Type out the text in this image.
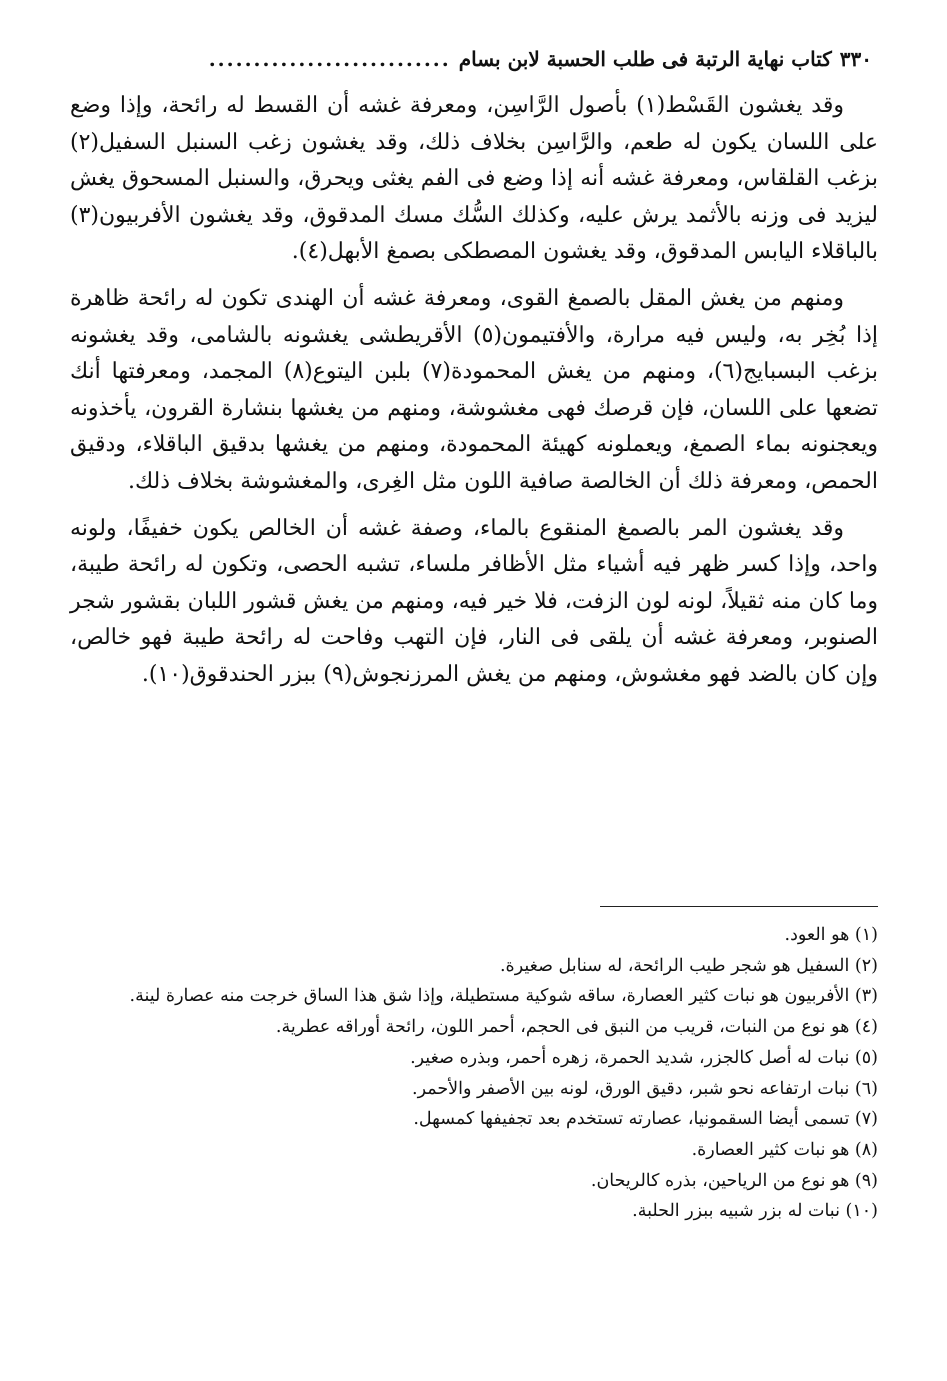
٣٣٠
كتاب نهاية الرتبة فى طلب الحسبة لابن بسام
...........................

وقد يغشون القَسْط(١) بأصول الرَّاسِن، ومعرفة غشه أن القسط له رائحة، وإذا وضع على اللسان يكون له طعم، والرَّاسِن بخلاف ذلك، وقد يغشون زغب السنبل السفيل(٢) بزغب القلقاس، ومعرفة غشه أنه إذا وضع فى الفم يغثى ويحرق، والسنبل المسحوق يغش ليزيد فى وزنه بالأثمد يرش عليه، وكذلك السُّك مسك المدقوق، وقد يغشون الأفربيون(٣) بالباقلاء اليابس المدقوق، وقد يغشون المصطكى بصمغ الأبهل(٤).

ومنهم من يغش المقل بالصمغ القوى، ومعرفة غشه أن الهندى تكون له رائحة ظاهرة إذا بُخِر به، وليس فيه مرارة، والأفتيمون(٥) الأقريطشى يغشونه بالشامى، وقد يغشونه بزغب البسبايج(٦)، ومنهم من يغش المحمودة(٧) بلبن اليتوع(٨) المجمد، ومعرفتها أنك تضعها على اللسان، فإن قرصك فهى مغشوشة، ومنهم من يغشها بنشارة القرون، يأخذونه ويعجنونه بماء الصمغ، ويعملونه كهيئة المحمودة، ومنهم من يغشها بدقيق الباقلاء، ودقيق الحمص، ومعرفة ذلك أن الخالصة صافية اللون مثل الغِرى، والمغشوشة بخلاف ذلك.

وقد يغشون المر بالصمغ المنقوع بالماء، وصفة غشه أن الخالص يكون خفيفًا، ولونه واحد، وإذا كسر ظهر فيه أشياء مثل الأظافر ملساء، تشبه الحصى، وتكون له رائحة طيبة، وما كان منه ثقيلاً، لونه لون الزفت، فلا خير فيه، ومنهم من يغش قشور اللبان بقشور شجر الصنوبر، ومعرفة غشه أن يلقى فى النار، فإن التهب وفاحت له رائحة طيبة فهو خالص، وإن كان بالضد فهو مغشوش، ومنهم من يغش المرزنجوش(٩) ببزر الحندقوق(١٠).

(١) هو العود.
(٢) السفيل هو شجر طيب الرائحة، له سنابل صغيرة.
(٣) الأفربيون هو نبات كثير العصارة، ساقه شوكية مستطيلة، وإذا شق هذا الساق خرجت منه عصارة لينة.
(٤) هو نوع من النبات، قريب من النبق فى الحجم، أحمر اللون، رائحة أوراقه عطرية.
(٥) نبات له أصل كالجزر، شديد الحمرة، زهره أحمر، وبذره صغير.
(٦) نبات ارتفاعه نحو شبر، دقيق الورق، لونه بين الأصفر والأحمر.
(٧) تسمى أيضا السقمونيا، عصارته تستخدم بعد تجفيفها كمسهل.
(٨) هو نبات كثير العصارة.
(٩) هو نوع من الرياحين، بذره كالريحان.
(١٠) نبات له بزر شبيه ببزر الحلبة.
